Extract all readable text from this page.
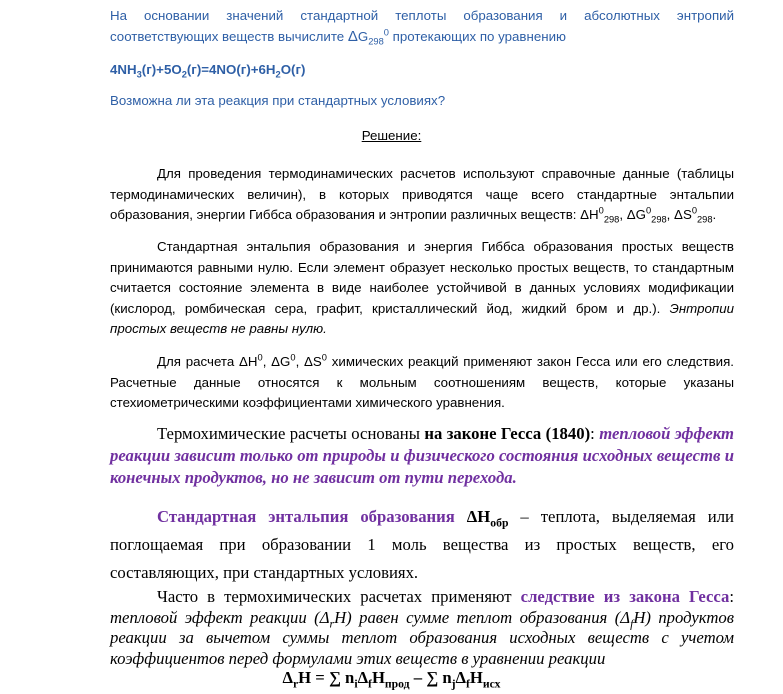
На основании значений стандартной теплоты образования и абсолютных энтропий соответствующих веществ вычислите $\Delta G_{298}^0$ протекающих по уравнению

$4NH_3(г)+5O_2(г)=4NO(г)+6H_2O(г)$

Возможна ли эта реакция при стандартных условиях?

Решение:

Для проведения термодинамических расчетов используют справочные данные (таблицы термодинамических величин), в которых приводятся чаще всего стандартные энтальпии образования, энергии Гиббса образования и энтропии различных веществ: $\Delta H^0_{298}$, $\Delta G^0_{298}$, $\Delta S^0_{298}$.

Стандартная энтальпия образования и энергия Гиббса образования простых веществ принимаются равными нулю. Если элемент образует несколько простых веществ, то стандартным считается состояние элемента в виде наиболее устойчивой в данных условиях модификации (кислород, ромбическая сера, графит, кристаллический йод, жидкий бром и др.). Энтропии простых веществ не равны нулю.

Для расчета $\Delta H^0$, $\Delta G^0$, $\Delta S^0$ химических реакций применяют закон Гесса или его следствия. Расчетные данные относятся к мольным соотношениям веществ, которые указаны стехиометрическими коэффициентами химического уравнения.

Термохимические расчеты основаны на законе Гесса (1840): тепловой эффект реакции зависит только от природы и физического состояния исходных веществ и конечных продуктов, но не зависит от пути перехода.

Стандартная энтальпия образования $\Delta H_{обр}$ – теплота, выделяемая или поглощаемая при образовании 1 моль вещества из простых веществ, его составляющих, при стандартных условиях.

Часто в термохимических расчетах применяют следствие из закона Гесса: тепловой эффект реакции $(\Delta_rH)$ равен сумме теплот образования $(\Delta_fH)$ продуктов реакции за вычетом суммы теплот образования исходных веществ с учетом коэффициентов перед формулами этих веществ в уравнении реакции

$\Delta_rH$ = ∑ $n_i\Delta_fH_{прод}$ – ∑ $n_j\Delta_fH_{исх}$
